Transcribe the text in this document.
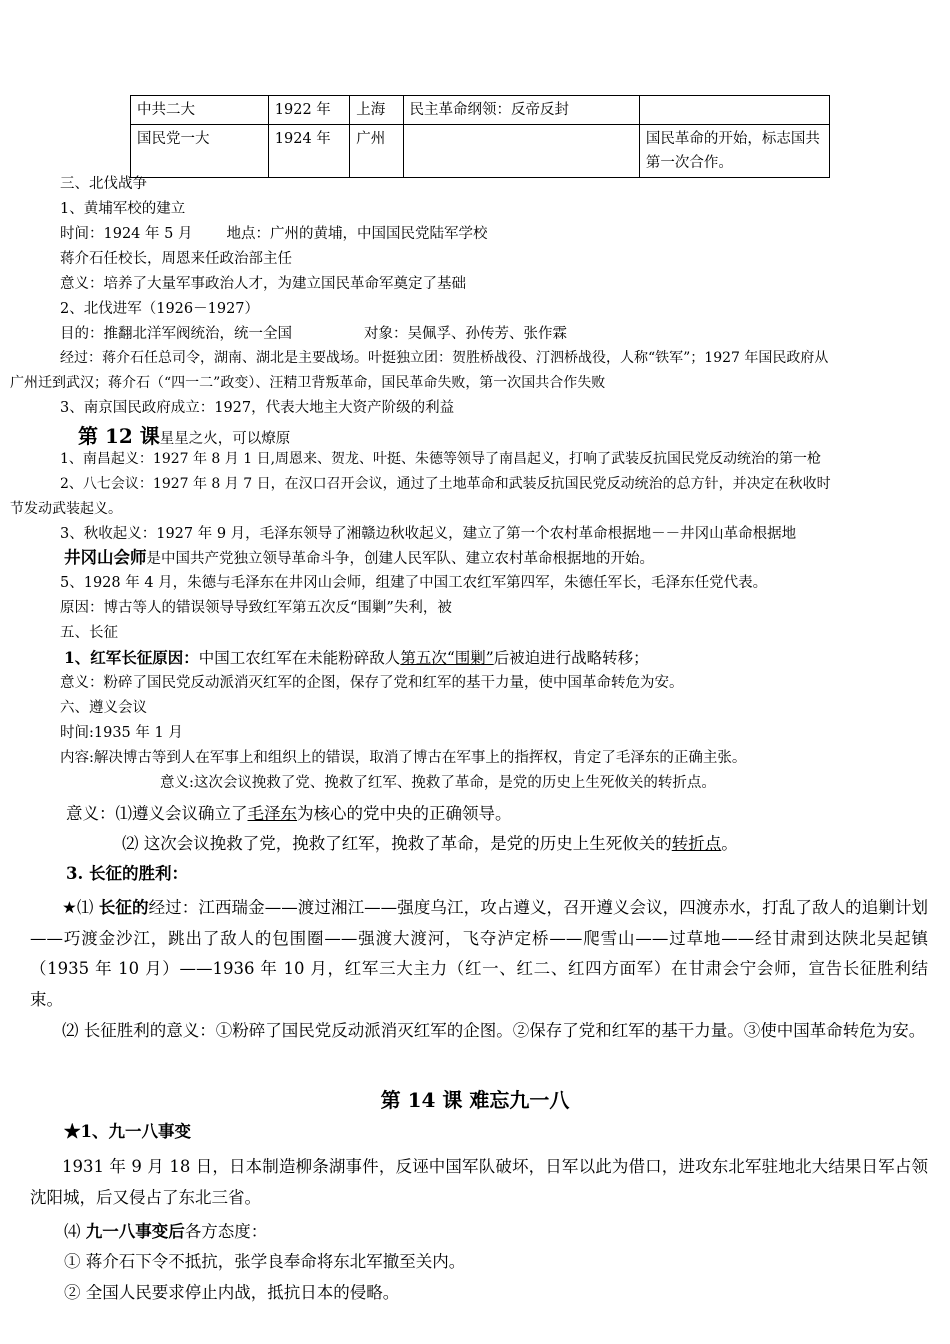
中共二大	1922 年	上海	民主革命纲领：反帝反封	
国民党一大	1924 年	广州		国民革命的开始，标志国共第一次合作。
三、北伐战争
1、黄埔军校的建立
时间：1924 年 5 月 地点：广州的黄埔，中国国民党陆军学校
蒋介石任校长，周恩来任政治部主任
意义：培养了大量军事政治人才，为建立国民革命军奠定了基础
2、北伐进军（1926－1927）
目的：推翻北洋军阀统治，统一全国	对象：吴佩孚、孙传芳、张作霖
经过：蒋介石任总司令，湖南、湖北是主要战场。叶挺独立团：贺胜桥战役、汀泗桥战役，人称“铁军”；1927 年国民政府从
广州迁到武汉；蒋介石（“四一二”政变）、汪精卫背叛革命，国民革命失败，第一次国共合作失败
3、南京国民政府成立：1927，代表大地主大资产阶级的利益
第 12 课星星之火，可以燎原
1、南昌起义：1927 年 8 月 1 日,周恩来、贺龙、叶挺、朱德等领导了南昌起义，打响了武装反抗国民党反动统治的第一枪
2、八七会议：1927 年 8 月 7 日，在汉口召开会议，通过了土地革命和武装反抗国民党反动统治的总方针，并决定在秋收时
节发动武装起义。
3、秋收起义：1927 年 9 月，毛泽东领导了湘赣边秋收起义，建立了第一个农村革命根据地－－井冈山革命根据地
井冈山会师是中国共产党独立领导革命斗争，创建人民军队、建立农村革命根据地的开始。
5、1928 年 4 月，朱德与毛泽东在井冈山会师，组建了中国工农红军第四军，朱德任军长，毛泽东任党代表。
原因：博古等人的错误领导导致红军第五次反“围剿”失利，被
五、长征
1、红军长征原因：中国工农红军在未能粉碎敌人第五次“围剿”后被迫进行战略转移；
意义：粉碎了国民党反动派消灭红军的企图，保存了党和红军的基干力量，使中国革命转危为安。
六、遵义会议
时间:1935 年 1 月
内容:解决博古等到人在军事上和组织上的错误，取消了博古在军事上的指挥权，肯定了毛泽东的正确主张。
意义:这次会议挽救了党、挽救了红军、挽救了革命，是党的历史上生死攸关的转折点。
意义：⑴遵义会议确立了毛泽东为核心的党中央的正确领导。
⑵ 这次会议挽救了党，挽救了红军，挽救了革命，是党的历史上生死攸关的转折点。
3. 长征的胜利：
★⑴ 长征的经过：江西瑞金——渡过湘江——强度乌江，攻占遵义，召开遵义会议，四渡赤水，打乱了敌人的追剿计划——巧渡金沙江，跳出了敌人的包围圈——强渡大渡河，飞夺泸定桥——爬雪山——过草地——经甘肃到达陕北吴起镇（1935 年 10 月）——1936 年 10 月，红军三大主力（红一、红二、红四方面军）在甘肃会宁会师，宣告长征胜利结束。
⑵ 长征胜利的意义：①粉碎了国民党反动派消灭红军的企图。②保存了党和红军的基干力量。③使中国革命转危为安。
第 14 课 难忘九一八
★1、九一八事变
1931 年 9 月 18 日，日本制造柳条湖事件，反诬中国军队破坏，日军以此为借口，进攻东北军驻地北大结果日军占领沈阳城，后又侵占了东北三省。
⑷ 九一八事变后各方态度：
① 蒋介石下令不抵抗，张学良奉命将东北军撤至关内。
② 全国人民要求停止内战，抵抗日本的侵略。
